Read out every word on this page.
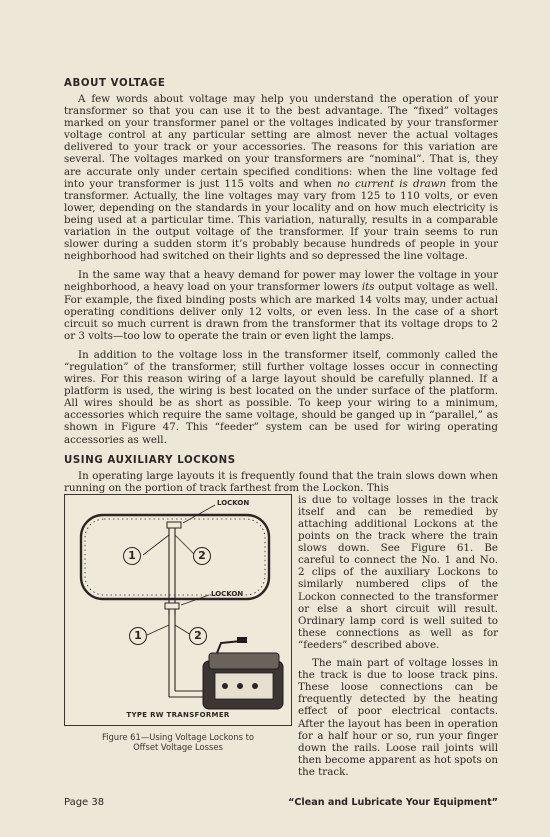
ABOUT VOLTAGE

A few words about voltage may help you understand the operation of your transformer so that you can use it to the best advantage. The “fixed” voltages marked on your transformer panel or the voltages indicated by your transformer voltage control at any particular setting are almost never the actual voltages delivered to your track or your accessories. The reasons for this variation are several. The voltages marked on your transformers are “nominal”. That is, they are accurate only under certain specified conditions: when the line voltage fed into your transformer is just 115 volts and when no current is drawn from the transformer. Actually, the line voltages may vary from 125 to 110 volts, or even lower, depending on the standards in your locality and on how much electricity is being used at a particular time. This variation, naturally, results in a comparable variation in the output voltage of the transformer. If your train seems to run slower during a sudden storm it’s probably because hundreds of people in your neighborhood had switched on their lights and so depressed the line voltage.

In the same way that a heavy demand for power may lower the voltage in your neighborhood, a heavy load on your transformer lowers its output voltage as well. For example, the fixed binding posts which are marked 14 volts may, under actual operating conditions deliver only 12 volts, or even less. In the case of a short circuit so much current is drawn from the transformer that its voltage drops to 2 or 3 volts—too low to operate the train or even light the lamps.

In addition to the voltage loss in the transformer itself, commonly called the “regulation” of the transformer, still further voltage losses occur in connecting wires. For this reason wiring of a large layout should be carefully planned. If a platform is used, the wiring is best located on the under surface of the platform. All wires should be as short as possible. To keep your wiring to a minimum, accessories which require the same voltage, should be ganged up in “parallel,” as shown in Figure 47. This “feeder” system can be used for wiring operating accessories as well.

USING AUXILIARY LOCKONS

In operating large layouts it is frequently found that the train slows down when running on the portion of track farthest from the Lockon. This

LOCKON
LOCKON
1	2
1	2
TYPE RW TRANSFORMER
Figure 61—Using Voltage Lockons to
Offset Voltage Losses

is due to voltage losses in the track itself and can be remedied by attaching additional Lockons at the points on the track where the train slows down. See Figure 61. Be careful to connect the No. 1 and No. 2 clips of the auxiliary Lockons to similarly numbered clips of the Lockon connected to the transformer or else a short circuit will result. Ordinary lamp cord is well suited to these connections as well as for “feeders” described above.

The main part of voltage losses in the track is due to loose track pins. These loose connections can be frequently detected by the heating effect of poor electrical contacts. After the layout has been in operation for a half hour or so, run your finger down the rails. Loose rail joints will then become apparent as hot spots on the track.

Page 38	“Clean and Lubricate Your Equipment”
